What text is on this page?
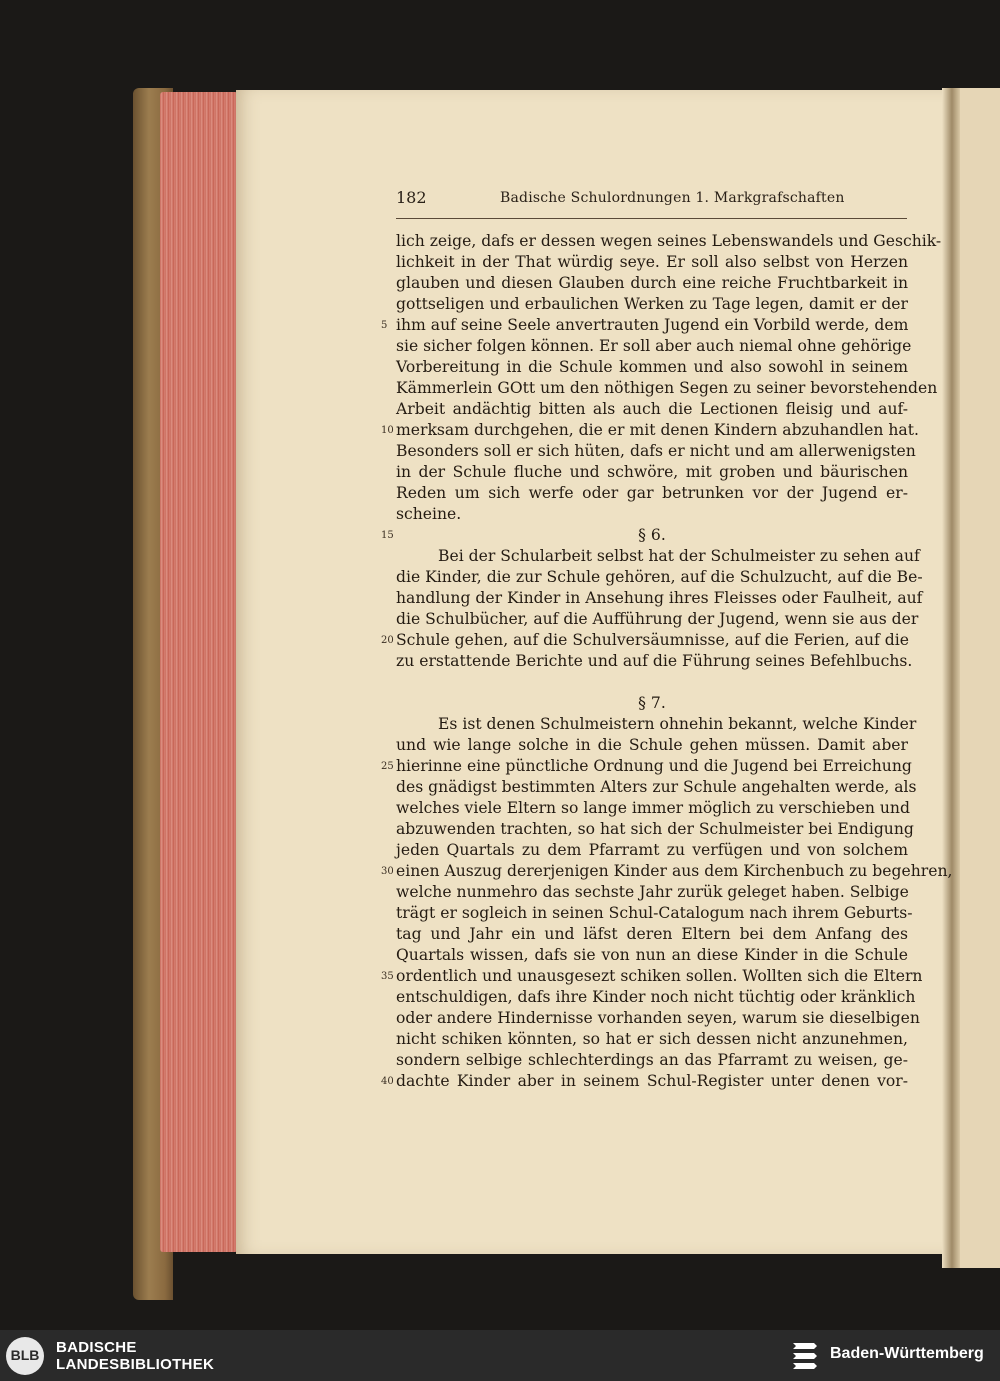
182	Badische Schulordnungen 1. Markgrafschaften
lich zeige, dafs er dessen wegen seines Lebenswandels und Geschik-
lichkeit in der That würdig seye. Er soll also selbst von Herzen
glauben und diesen Glauben durch eine reiche Fruchtbarkeit in
gottseligen und erbaulichen Werken zu Tage legen, damit er der
5 ihm auf seine Seele anvertrauten Jugend ein Vorbild werde, dem
sie sicher folgen können. Er soll aber auch niemal ohne gehörige
Vorbereitung in die Schule kommen und also sowohl in seinem
Kämmerlein GOtt um den nöthigen Segen zu seiner bevorstehenden
Arbeit andächtig bitten als auch die Lectionen fleisig und auf-
10 merksam durchgehen, die er mit denen Kindern abzuhandlen hat.
Besonders soll er sich hüten, dafs er nicht und am allerwenigsten
in der Schule fluche und schwöre, mit groben und bäurischen
Reden um sich werfe oder gar betrunken vor der Jugend er-
scheine.
15	§ 6.
Bei der Schularbeit selbst hat der Schulmeister zu sehen auf
die Kinder, die zur Schule gehören, auf die Schulzucht, auf die Be-
handlung der Kinder in Ansehung ihres Fleisses oder Faulheit, auf
die Schulbücher, auf die Aufführung der Jugend, wenn sie aus der
20 Schule gehen, auf die Schulversäumnisse, auf die Ferien, auf die
zu erstattende Berichte und auf die Führung seines Befehlbuchs.
§ 7.
Es ist denen Schulmeistern ohnehin bekannt, welche Kinder
und wie lange solche in die Schule gehen müssen. Damit aber
25 hierinne eine pünctliche Ordnung und die Jugend bei Erreichung
des gnädigst bestimmten Alters zur Schule angehalten werde, als
welches viele Eltern so lange immer möglich zu verschieben und
abzuwenden trachten, so hat sich der Schulmeister bei Endigung
jeden Quartals zu dem Pfarramt zu verfügen und von solchem
30 einen Auszug dererjenigen Kinder aus dem Kirchenbuch zu begehren,
welche nunmehro das sechste Jahr zurük geleget haben. Selbige
trägt er sogleich in seinen Schul-Catalogum nach ihrem Geburts-
tag und Jahr ein und läfst deren Eltern bei dem Anfang des
Quartals wissen, dafs sie von nun an diese Kinder in die Schule
35 ordentlich und unausgesezt schiken sollen. Wollten sich die Eltern
entschuldigen, dafs ihre Kinder noch nicht tüchtig oder kränklich
oder andere Hindernisse vorhanden seyen, warum sie dieselbigen
nicht schiken könnten, so hat er sich dessen nicht anzunehmen,
sondern selbige schlechterdings an das Pfarramt zu weisen, ge-
40 dachte Kinder aber in seinem Schul-Register unter denen vor-
BLB	BADISCHE
LANDESBIBLIOTHEK
Baden-Württemberg
